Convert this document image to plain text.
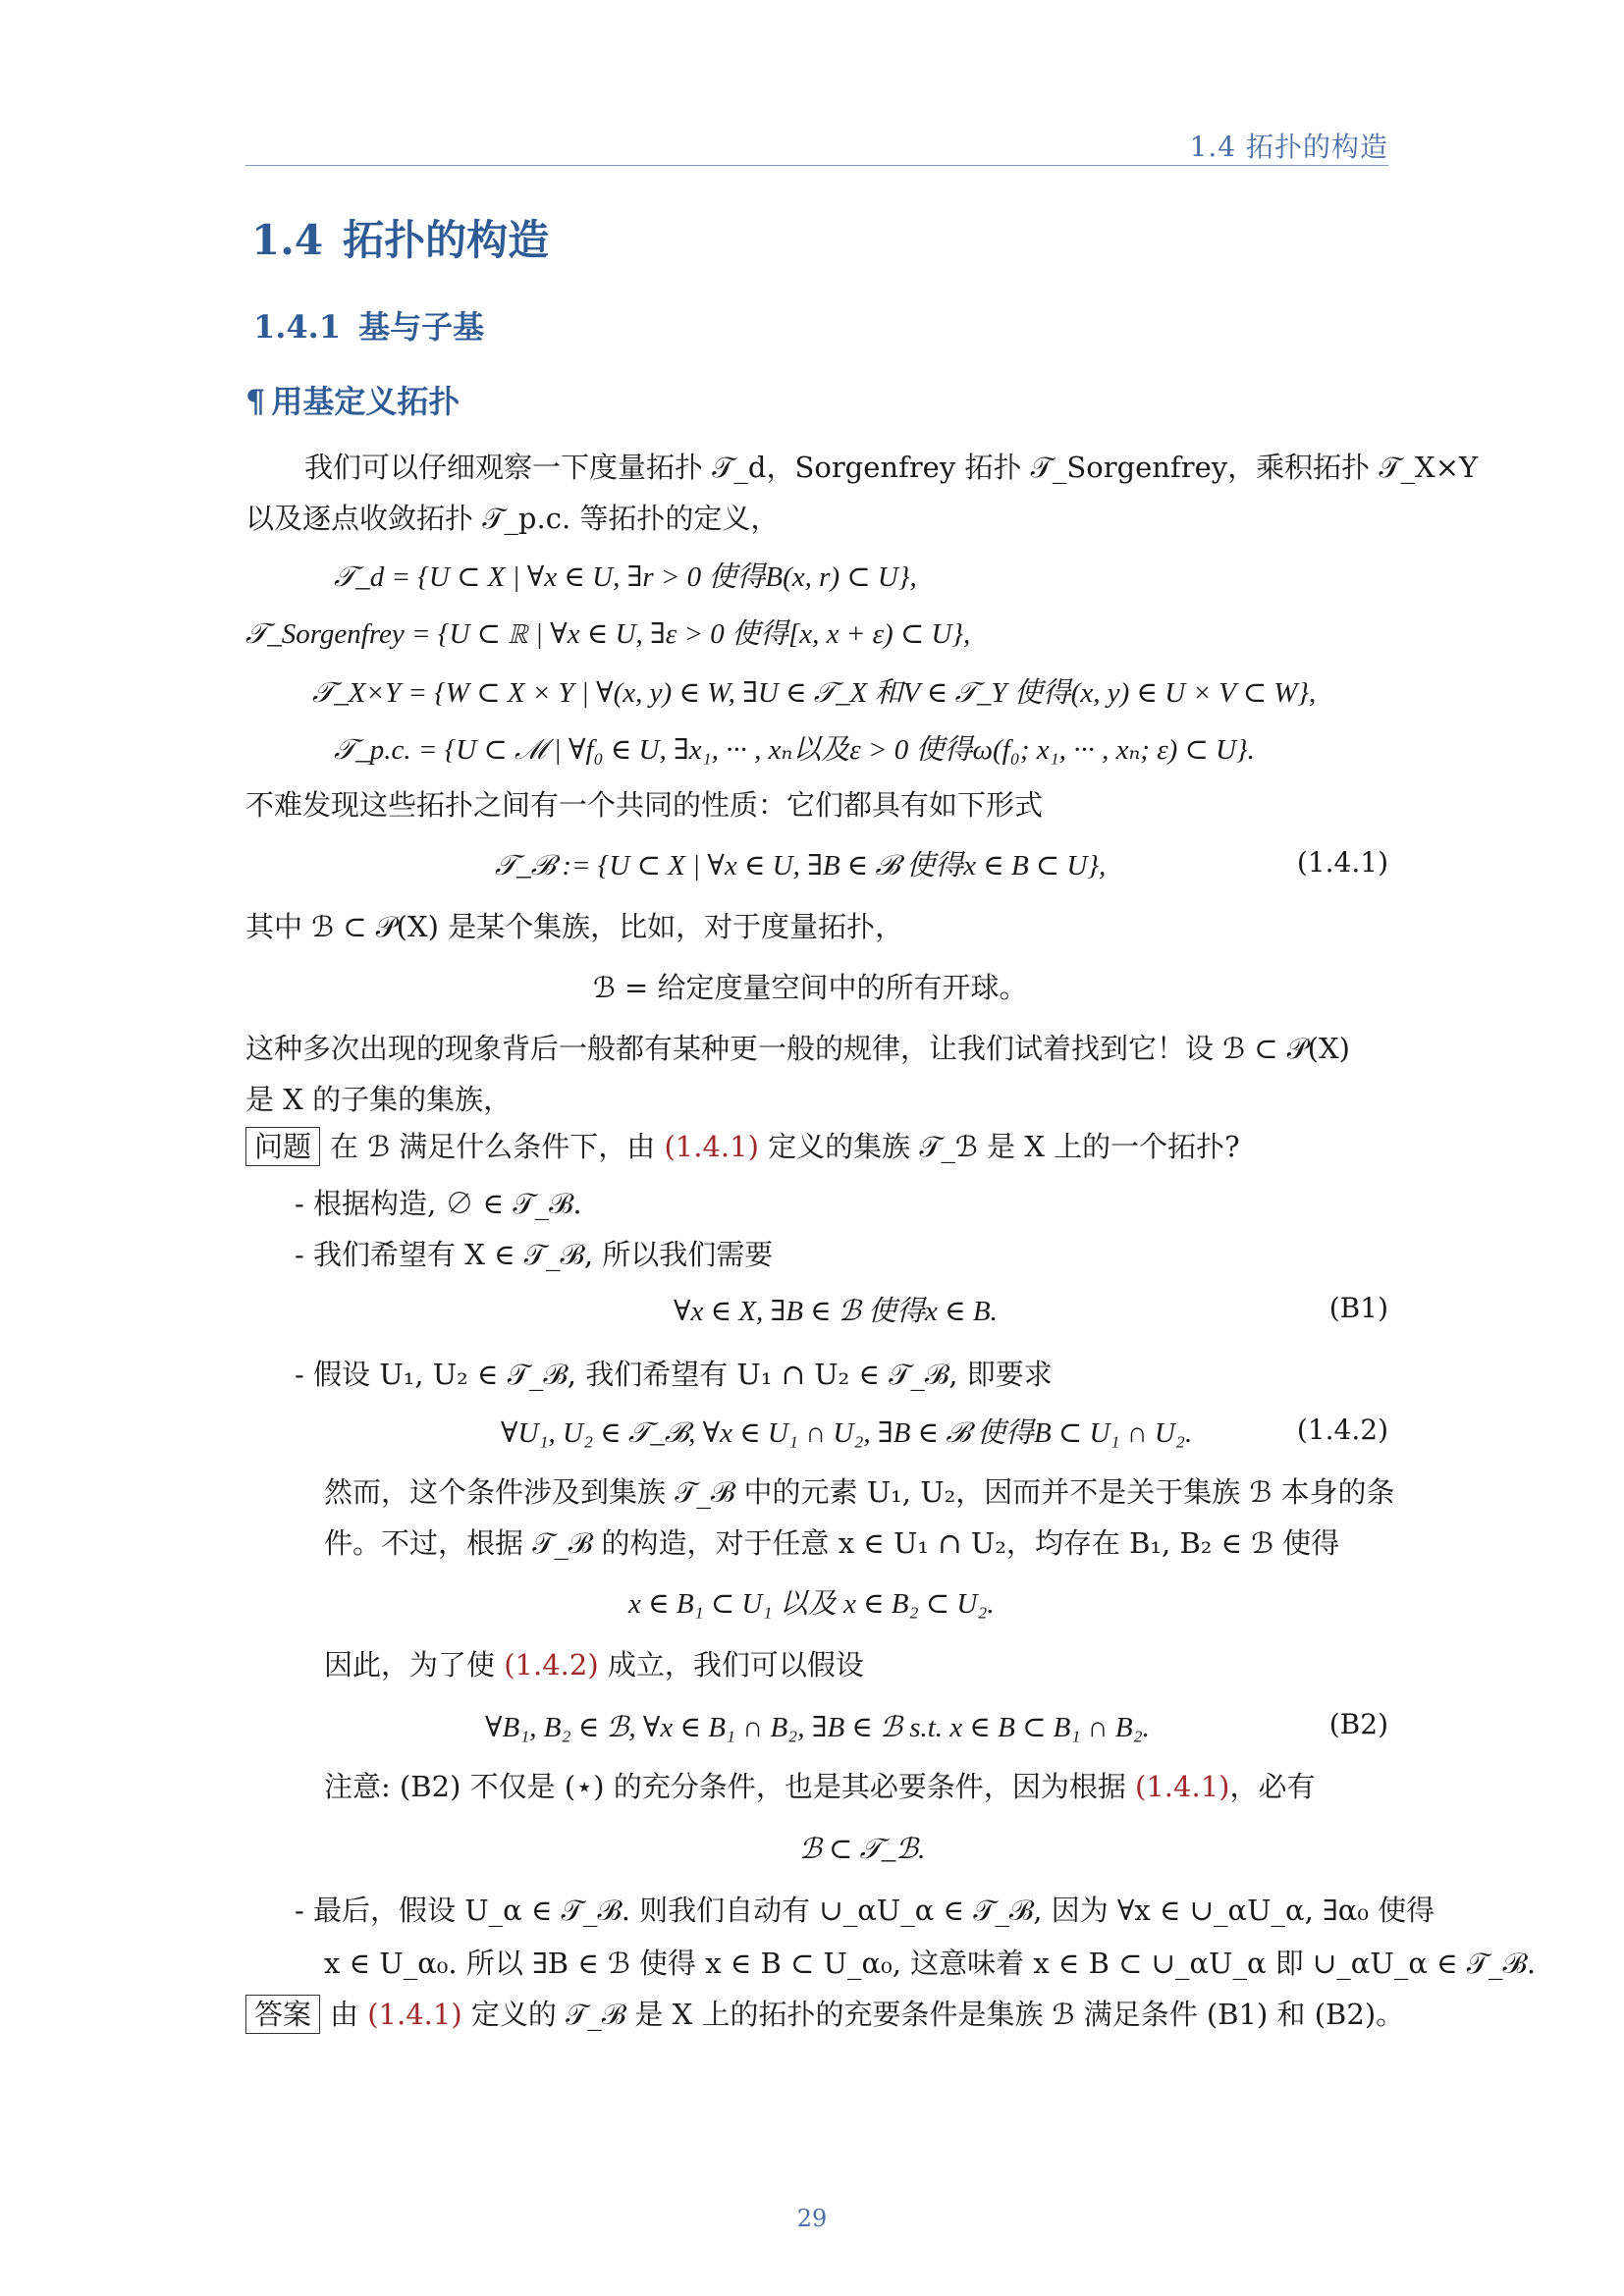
1.4 拓扑的构造
1.4 拓扑的构造
1.4.1 基与子基
¶ 用基定义拓扑
我们可以仔细观察一下度量拓扑 𝒯_d，Sorgenfrey 拓扑 𝒯_Sorgenfrey，乘积拓扑 𝒯_X×Y
以及逐点收敛拓扑 𝒯_p.c. 等拓扑的定义，
𝒯_d = {U ⊂ X | ∀x ∈ U, ∃r > 0 使得B(x, r) ⊂ U},
𝒯_Sorgenfrey = {U ⊂ ℝ | ∀x ∈ U, ∃ε > 0 使得[x, x + ε) ⊂ U},
𝒯_X×Y = {W ⊂ X × Y | ∀(x, y) ∈ W, ∃U ∈ 𝒯_X 和V ∈ 𝒯_Y 使得(x, y) ∈ U × V ⊂ W},
𝒯_p.c. = {U ⊂ ℳ | ∀f₀ ∈ U, ∃x₁, ··· , xₙ以及ε > 0 使得ω(f₀; x₁, ··· , xₙ; ε) ⊂ U}.
不难发现这些拓扑之间有一个共同的性质：它们都具有如下形式
𝒯_ℬ := {U ⊂ X | ∀x ∈ U, ∃B ∈ ℬ 使得x ∈ B ⊂ U},	(1.4.1)
其中 ℬ ⊂ 𝒫(X) 是某个集族，比如，对于度量拓扑，
ℬ = 给定度量空间中的所有开球。
这种多次出现的现象背后一般都有某种更一般的规律，让我们试着找到它！设 ℬ ⊂ 𝒫(X)
是 X 的子集的集族，
问题 在 ℬ 满足什么条件下，由 (1.4.1) 定义的集族 𝒯_ℬ 是 X 上的一个拓扑?
- 根据构造, ∅ ∈ 𝒯_ℬ.
- 我们希望有 X ∈ 𝒯_ℬ, 所以我们需要
∀x ∈ X, ∃B ∈ ℬ 使得x ∈ B.	(B1)
- 假设 U₁, U₂ ∈ 𝒯_ℬ, 我们希望有 U₁ ∩ U₂ ∈ 𝒯_ℬ, 即要求
∀U₁, U₂ ∈ 𝒯_ℬ, ∀x ∈ U₁ ∩ U₂, ∃B ∈ ℬ 使得B ⊂ U₁ ∩ U₂.	(1.4.2)
然而，这个条件涉及到集族 𝒯_ℬ 中的元素 U₁, U₂，因而并不是关于集族 ℬ 本身的条
件。不过，根据 𝒯_ℬ 的构造，对于任意 x ∈ U₁ ∩ U₂，均存在 B₁, B₂ ∈ ℬ 使得
x ∈ B₁ ⊂ U₁ 以及 x ∈ B₂ ⊂ U₂.
因此，为了使 (1.4.2) 成立，我们可以假设
∀B₁, B₂ ∈ ℬ, ∀x ∈ B₁ ∩ B₂, ∃B ∈ ℬ s.t. x ∈ B ⊂ B₁ ∩ B₂.	(B2)
注意: (B2) 不仅是 (⋆) 的充分条件，也是其必要条件，因为根据 (1.4.1)，必有
ℬ ⊂ 𝒯_ℬ.
- 最后，假设 U_α ∈ 𝒯_ℬ. 则我们自动有 ∪_αU_α ∈ 𝒯_ℬ, 因为 ∀x ∈ ∪_αU_α, ∃α₀ 使得
x ∈ U_α₀. 所以 ∃B ∈ ℬ 使得 x ∈ B ⊂ U_α₀, 这意味着 x ∈ B ⊂ ∪_αU_α 即 ∪_αU_α ∈ 𝒯_ℬ.
答案 由 (1.4.1) 定义的 𝒯_ℬ 是 X 上的拓扑的充要条件是集族 ℬ 满足条件 (B1) 和 (B2)。
29
